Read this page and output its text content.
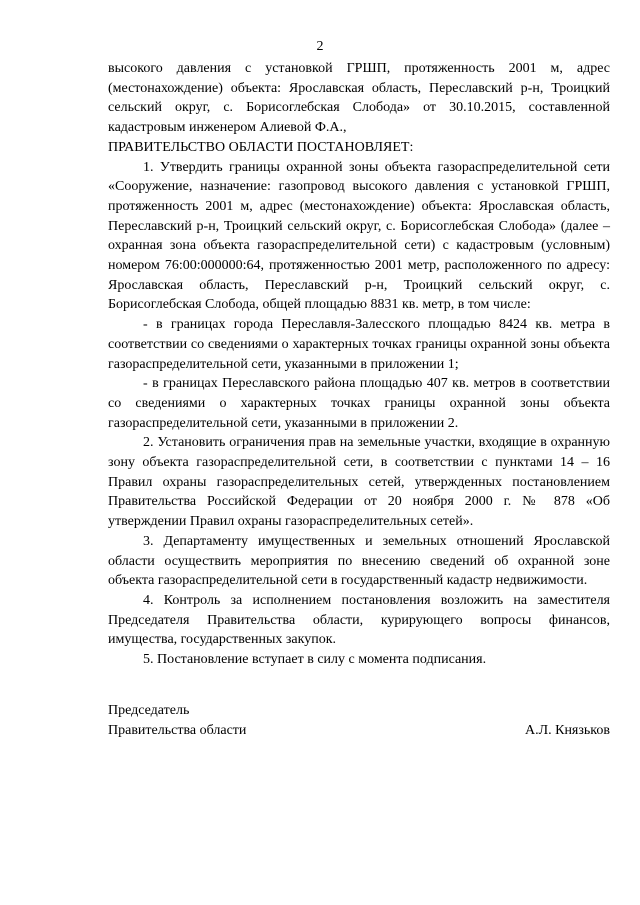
2

высокого давления с установкой ГРШП, протяженность 2001 м, адрес (местонахождение) объекта: Ярославская область, Переславский р-н, Троицкий сельский округ, с. Борисоглебская Слобода» от 30.10.2015, составленной кадастровым инженером Алиевой Ф.А.,

ПРАВИТЕЛЬСТВО ОБЛАСТИ ПОСТАНОВЛЯЕТ:

1. Утвердить границы охранной зоны объекта газораспределительной сети «Сооружение, назначение: газопровод высокого давления с установкой ГРШП, протяженность 2001 м, адрес (местонахождение) объекта: Ярославская область, Переславский р-н, Троицкий сельский округ, с. Борисоглебская Слобода» (далее – охранная зона объекта газораспределительной сети) с кадастровым (условным) номером 76:00:000000:64, протяженностью 2001 метр, расположенного по адресу: Ярославская область, Переславский р-н, Троицкий сельский округ, с. Борисоглебская Слобода, общей площадью 8831 кв. метр, в том числе:

- в границах города Переславля-Залесского площадью 8424 кв. метра в соответствии со сведениями о характерных точках границы охранной зоны объекта газораспределительной сети, указанными в приложении 1;

- в границах Переславского района площадью 407 кв. метров в соответствии со сведениями о характерных точках границы охранной зоны объекта газораспределительной сети, указанными в приложении 2.

2. Установить ограничения прав на земельные участки, входящие в охранную зону объекта газораспределительной сети, в соответствии с пунктами 14 – 16 Правил охраны газораспределительных сетей, утвержденных постановлением Правительства Российской Федерации от 20 ноября 2000 г. № 878 «Об утверждении Правил охраны газораспределительных сетей».

3. Департаменту имущественных и земельных отношений Ярославской области осуществить мероприятия по внесению сведений об охранной зоне объекта газораспределительной сети в государственный кадастр недвижимости.

4. Контроль за исполнением постановления возложить на заместителя Председателя Правительства области, курирующего вопросы финансов, имущества, государственных закупок.

5. Постановление вступает в силу с момента подписания.

Председатель
Правительства области	А.Л. Князьков
